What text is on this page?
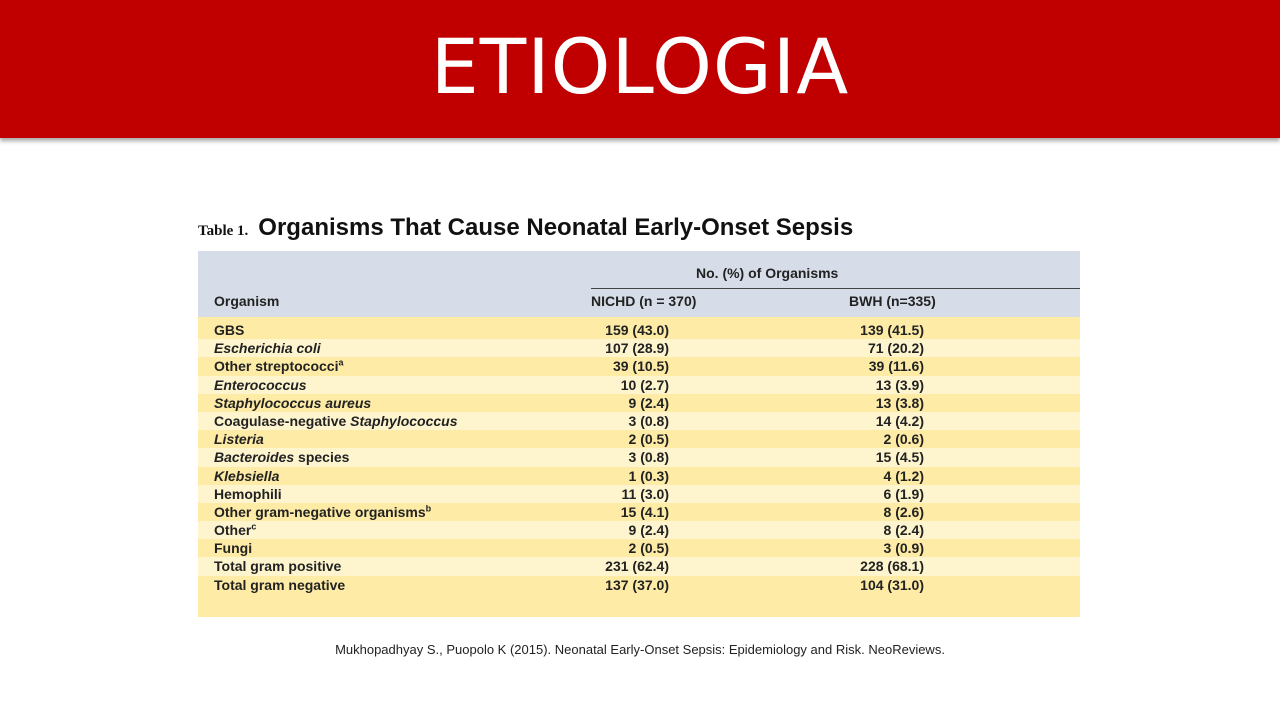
ETIOLOGIA
Table 1. Organisms That Cause Neonatal Early-Onset Sepsis
No. (%) of Organisms
Organism	NICHD (n = 370)	BWH (n=335)
GBS	159 (43.0)	139 (41.5)
Escherichia coli	107 (28.9)	71 (20.2)
Other streptococci$^a$	39 (10.5)	39 (11.6)
Enterococcus	10 (2.7)	13 (3.9)
Staphylococcus aureus	9 (2.4)	13 (3.8)
Coagulase-negative Staphylococcus	3 (0.8)	14 (4.2)
Listeria	2 (0.5)	2 (0.6)
Bacteroides species	3 (0.8)	15 (4.5)
Klebsiella	1 (0.3)	4 (1.2)
Hemophili	11 (3.0)	6 (1.9)
Other gram-negative organisms$^b$	15 (4.1)	8 (2.6)
Other$^c$	9 (2.4)	8 (2.4)
Fungi	2 (0.5)	3 (0.9)
Total gram positive	231 (62.4)	228 (68.1)
Total gram negative	137 (37.0)	104 (31.0)
Mukhopadhyay S., Puopolo K (2015). Neonatal Early-Onset Sepsis: Epidemiology and Risk. NeoReviews.
